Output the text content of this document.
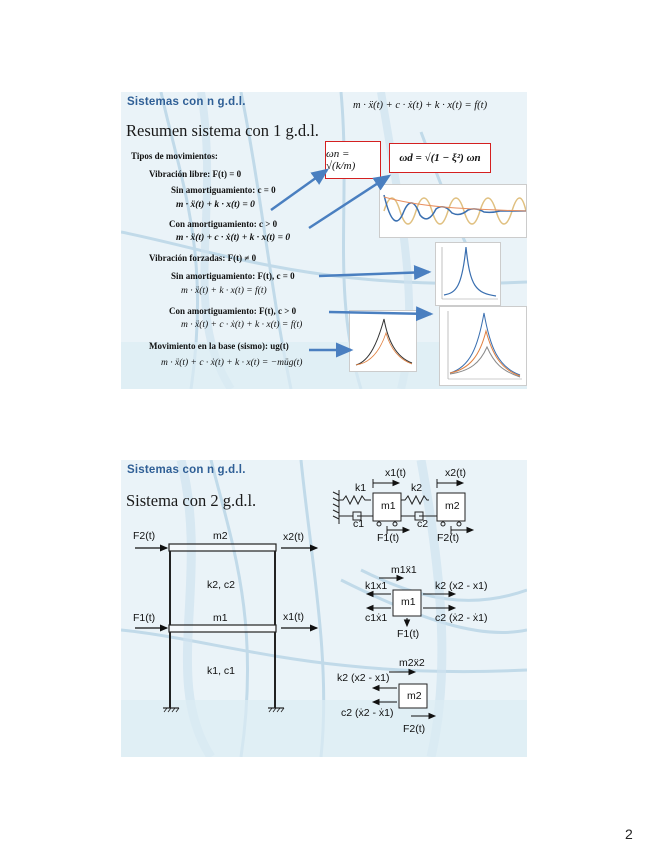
Sistemas con n g.d.l.	m · ẍ(t) + c · ẋ(t) + k · x(t) = f(t)
Resumen sistema con 1 g.d.l.
ωn = √(k/m)
ωd = √(1 − ξ²) ωn
Tipos de movimientos:
Vibración libre: F(t) = 0
Sin amortiguamiento: c = 0
m · ẍ(t) + k · x(t) = 0
Con amortiguamiento: c > 0
m · ẍ(t) + c · ẋ(t) + k · x(t) = 0
Vibración forzadas: F(t) ≠ 0
Sin amortiguamiento: F(t), c = 0
m · ẍ(t) + k · x(t) = f(t)
Con amortiguamiento: F(t), c > 0
m · ẍ(t) + c · ẋ(t) + k · x(t) = f(t)
Movimiento en la base (sismo): ug(t)
m · ẍ(t) + c · ẋ(t) + k · x(t) = −müg(t)
Sistemas con n g.d.l.
Sistema con 2 g.d.l.
F2(t)	m2	x2(t)
k2, c2
F1(t)	m1	x1(t)
k1, c1
x1(t)	x2(t)
k1	k2
m1	m2
c1	c2
F1(t)	F2(t)
m1ẍ1
k1x1	k2 (x2 - x1)
m1
c1ẋ1	c2 (ẋ2 - ẋ1)
F1(t)
m2ẍ2
k2 (x2 - x1)
m2
c2 (ẋ2 - ẋ1)
F2(t)
2
